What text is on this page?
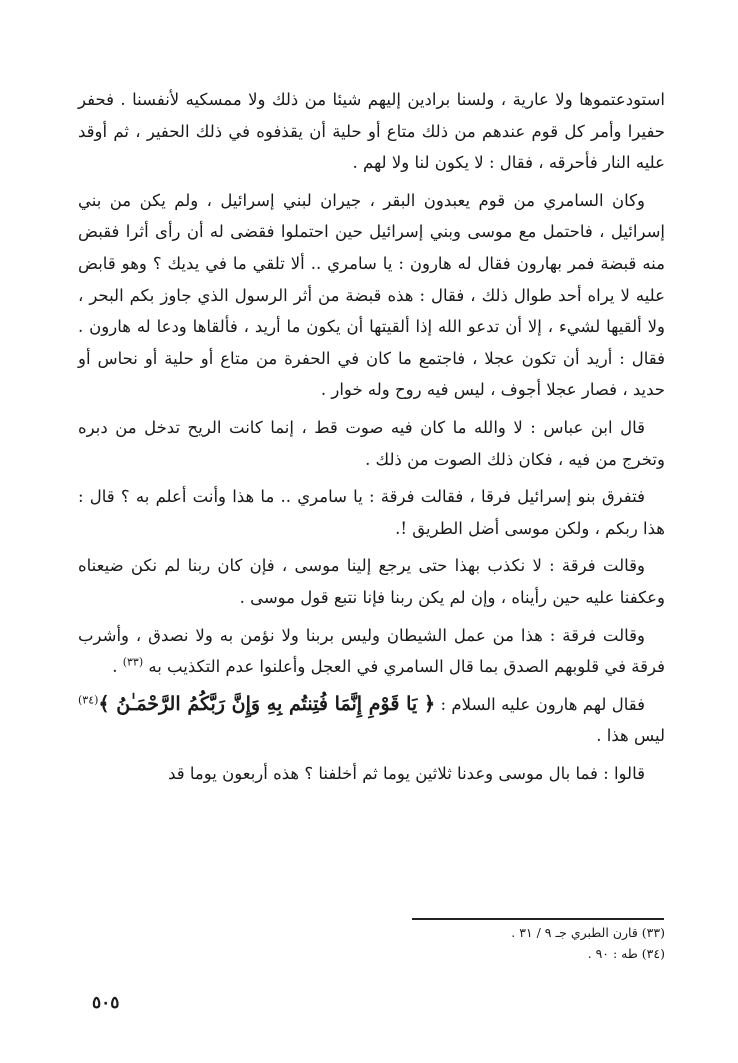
استودعتموها ولا عارية ، ولسنا برادين إليهم شيئا من ذلك ولا ممسكيه لأنفسنا . فحفر حفيرا وأمر كل قوم عندهم من ذلك متاع أو حلية أن يقذفوه في ذلك الحفير ، ثم أوقد عليه النار فأحرقه ، فقال : لا يكون لنا ولا لهم .

وكان السامري من قوم يعبدون البقر ، جيران لبني إسرائيل ، ولم يكن من بني إسرائيل ، فاحتمل مع موسى وبني إسرائيل حين احتملوا فقضى له أن رأى أثرا فقبض منه قبضة فمر بهارون فقال له هارون : يا سامري .. ألا تلقي ما في يديك ؟ وهو قابض عليه لا يراه أحد طوال ذلك ، فقال : هذه قبضة من أثر الرسول الذي جاوز بكم البحر ، ولا ألقيها لشيء ، إلا أن تدعو الله إذا ألقيتها أن يكون ما أريد ، فألقاها ودعا له هارون . فقال : أريد أن تكون عجلا ، فاجتمع ما كان في الحفرة من متاع أو حلية أو نحاس أو حديد ، فصار عجلا أجوف ، ليس فيه روح وله خوار .

قال ابن عباس : لا والله ما كان فيه صوت قط ، إنما كانت الريح تدخل من دبره وتخرج من فيه ، فكان ذلك الصوت من ذلك .

فتفرق بنو إسرائيل فرقا ، فقالت فرقة : يا سامري .. ما هذا وأنت أعلم به ؟ قال : هذا ربكم ، ولكن موسى أضل الطريق !.

وقالت فرقة : لا نكذب بهذا حتى يرجع إلينا موسى ، فإن كان ربنا لم نكن ضيعناه وعكفنا عليه حين رأيناه ، وإن لم يكن ربنا فإنا نتبع قول موسى .

وقالت فرقة : هذا من عمل الشيطان وليس بربنا ولا نؤمن به ولا نصدق ، وأشرب فرقة في قلوبهم الصدق بما قال السامري في العجل وأعلنوا عدم التكذيب به $^{(٣٣)}$ .

فقال لهم هارون عليه السلام : ﴿ يَا قَوْمِ إِنَّمَا فُتِنتُم بِهِ وَإِنَّ رَبَّكُمُ الرَّحْمَـٰنُ ﴾$^{(٣٤)}$ ليس هذا .

قالوا : فما بال موسى وعدنا ثلاثين يوما ثم أخلفنا ؟ هذه أربعون يوما قد

(٣٣) قارن الطبري جـ ٩ / ٣١ .
(٣٤) طه : ٩٠ .
٥٠٥
